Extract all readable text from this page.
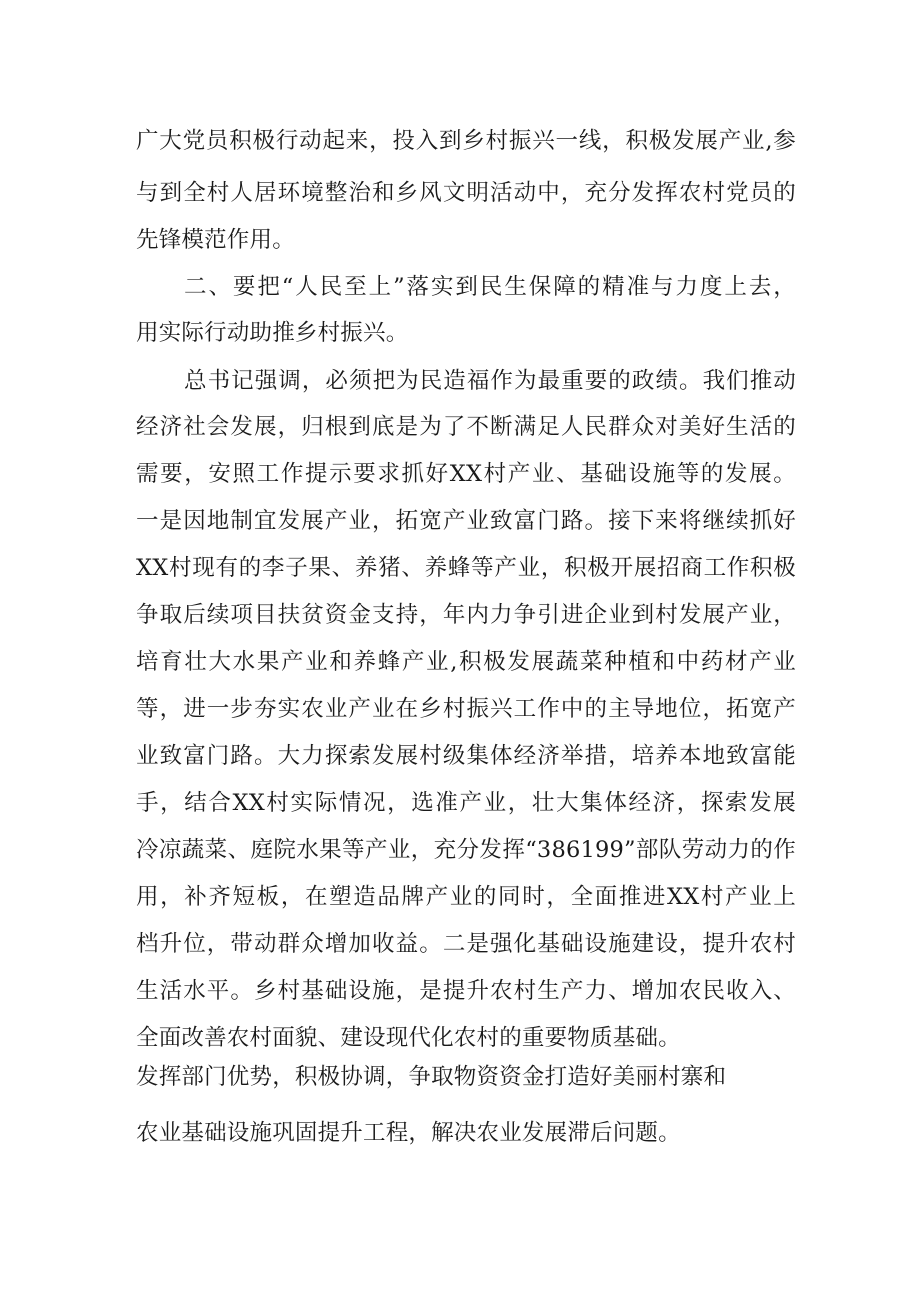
广大党员积极行动起来，投入到乡村振兴一线，积极发展产业,参
与到全村人居环境整治和乡风文明活动中，充分发挥农村党员的
先锋模范作用。
二、要把“人民至上”落实到民生保障的精准与力度上去，
用实际行动助推乡村振兴。
总书记强调，必须把为民造福作为最重要的政绩。我们推动
经济社会发展，归根到底是为了不断满足人民群众对美好生活的
需要，安照工作提示要求抓好XX村产业、基础设施等的发展。
一是因地制宜发展产业，拓宽产业致富门路。接下来将继续抓好
XX村现有的李子果、养猪、养蜂等产业，积极开展招商工作积极
争取后续项目扶贫资金支持，年内力争引进企业到村发展产业，
培育壮大水果产业和养蜂产业,积极发展蔬菜种植和中药材产业
等，进一步夯实农业产业在乡村振兴工作中的主导地位，拓宽产
业致富门路。大力探索发展村级集体经济举措，培养本地致富能
手，结合XX村实际情况，选准产业，壮大集体经济，探索发展
冷凉蔬菜、庭院水果等产业，充分发挥“386199”部队劳动力的作
用，补齐短板，在塑造品牌产业的同时，全面推进XX村产业上
档升位，带动群众增加收益。二是强化基础设施建设，提升农村
生活水平。乡村基础设施，是提升农村生产力、增加农民收入、
全面改善农村面貌、建设现代化农村的重要物质基础。
发挥部门优势，积极协调，争取物资资金打造好美丽村寨和
农业基础设施巩固提升工程，解决农业发展滞后问题。
